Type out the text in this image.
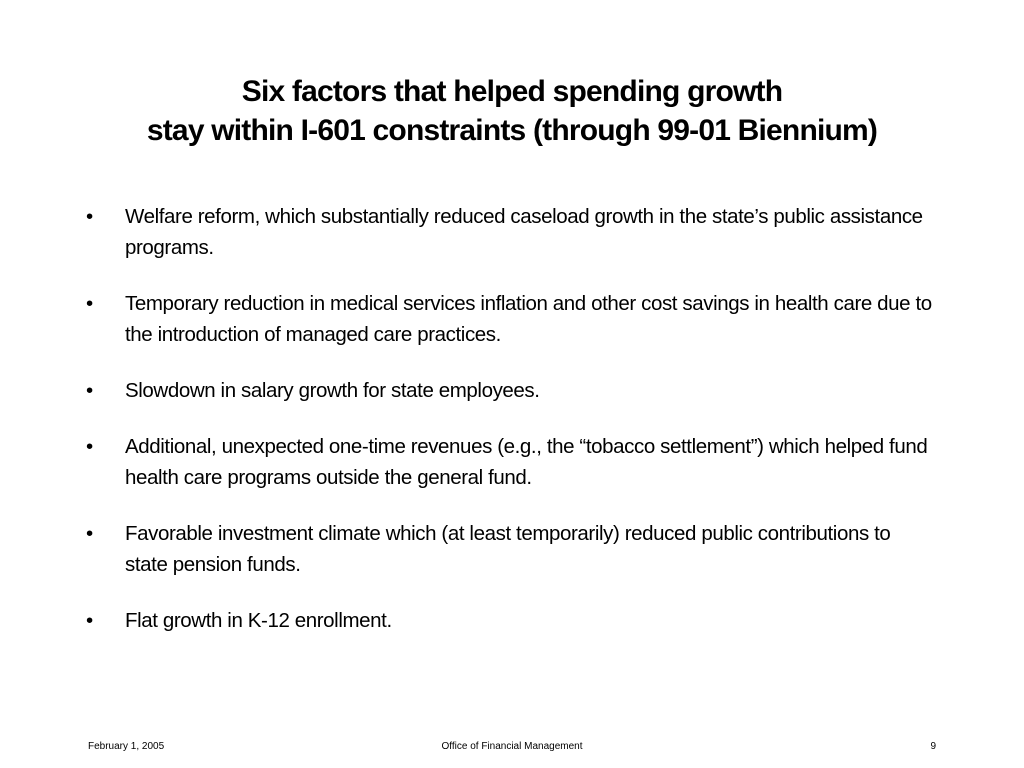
Six factors that helped spending growth
stay within I-601 constraints (through 99-01 Biennium)
• Welfare reform, which substantially reduced caseload growth in the state’s public assistance programs.
• Temporary reduction in medical services inflation and other cost savings in health care due to the introduction of managed care practices.
• Slowdown in salary growth for state employees.
• Additional, unexpected one-time revenues (e.g., the “tobacco settlement”) which helped fund health care programs outside the general fund.
• Favorable investment climate which (at least temporarily) reduced public contributions to state pension funds.
• Flat growth in K-12 enrollment.
February 1, 2005	Office of Financial Management	9
